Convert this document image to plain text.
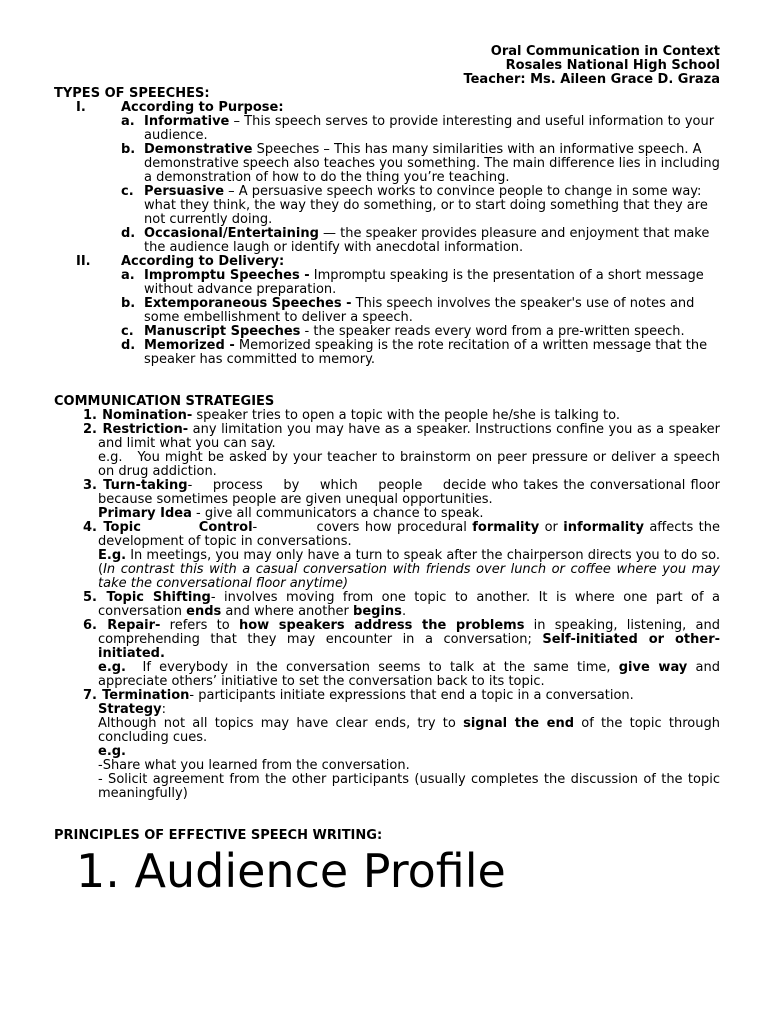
Oral Communication in Context
Rosales National High School
Teacher: Ms. Aileen Grace D. Graza
TYPES OF SPEECHES:
I.	According to Purpose:
a. Informative – This speech serves to provide interesting and useful information to your audience.
b. Demonstrative Speeches – This has many similarities with an informative speech. A demonstrative speech also teaches you something. The main difference lies in including a demonstration of how to do the thing you’re teaching.
c. Persuasive – A persuasive speech works to convince people to change in some way: what they think, the way they do something, or to start doing something that they are not currently doing.
d. Occasional/Entertaining — the speaker provides pleasure and enjoyment that make the audience laugh or identify with anecdotal information.
II.	According to Delivery:
a. Impromptu Speeches - Impromptu speaking is the presentation of a short message without advance preparation.
b. Extemporaneous Speeches - This speech involves the speaker's use of notes and some embellishment to deliver a speech.
c. Manuscript Speeches - the speaker reads every word from a pre-written speech.
d. Memorized - Memorized speaking is the rote recitation of a written message that the speaker has committed to memory.
COMMUNICATION STRATEGIES
1. Nomination- speaker tries to open a topic with the people he/she is talking to.
2. Restriction- any limitation you may have as a speaker. Instructions confine you as a speaker and limit what you can say.
e.g.   You might be asked by your teacher to brainstorm on peer pressure or deliver a speech on drug addiction.
3. Turn-taking-    process    by    which    people    decide who takes the conversational floor because sometimes people are given unequal opportunities.
Primary Idea - give all communicators a chance to speak.
4. Topic          Control-           covers how procedural formality or informality affects the development of topic in conversations.
E.g. In meetings, you may only have a turn to speak after the chairperson directs you to do so.  (In contrast this with a casual conversation with friends over lunch or coffee where you may take the conversational floor anytime)
5. Topic Shifting- involves moving from one topic to another. It is where one part of a conversation ends and where another begins.
6. Repair- refers to how speakers address the problems in speaking, listening, and comprehending that they may encounter in a conversation; Self-initiated or other-initiated.
e.g.  If everybody in the conversation seems to talk at the same time, give way and appreciate others’ initiative to set the conversation back to its topic.
7. Termination- participants initiate expressions that end a topic in a conversation.
Strategy:
Although not all topics may have clear ends, try to signal the end of the topic through concluding cues.
e.g.
-Share what you learned from the conversation.
- Solicit agreement from the other participants (usually completes the discussion of the topic meaningfully)
PRINCIPLES OF EFFECTIVE SPEECH WRITING:
1. Audience Profile
